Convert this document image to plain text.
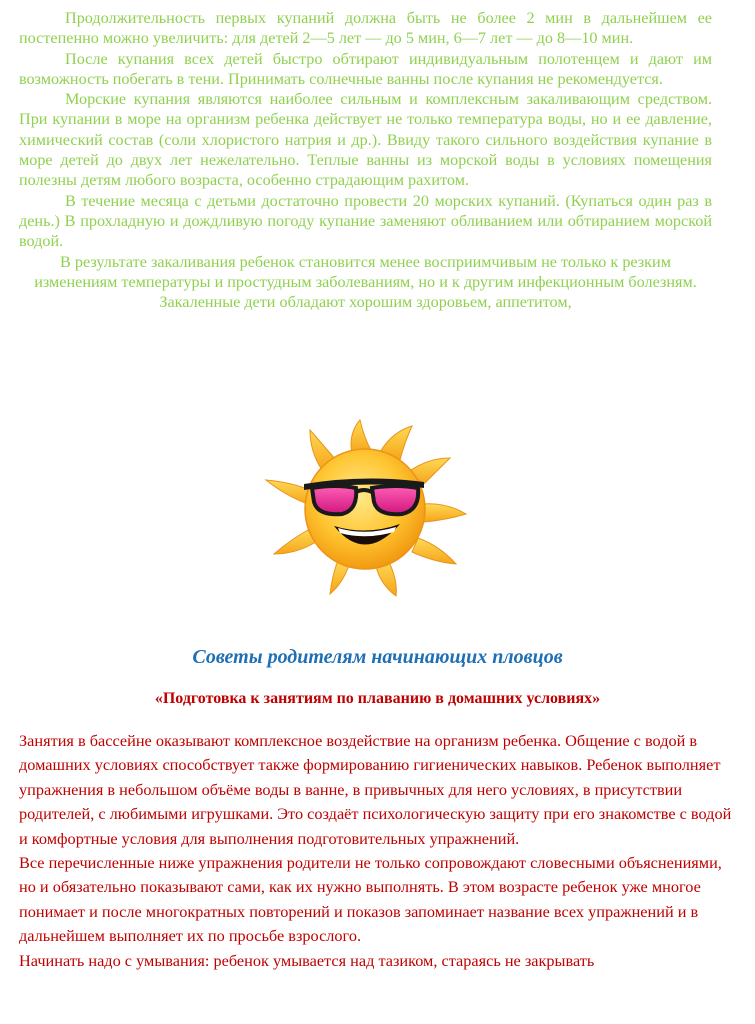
Продолжительность первых купаний должна быть не более 2 мин в дальнейшем ее постепенно можно увеличить: для детей 2—5 лет — до 5 мин, 6—7 лет — до 8—10 мин.

После купания всех детей быстро обтирают индивидуальным полотенцем и дают им возможность побегать в тени. Принимать солнечные ванны после купания не рекомендуется.

Морские купания являются наиболее сильным и комплексным закаливающим средством. При купании в море на организм ребенка действует не только температура воды, но и ее давление, химический состав (соли хлористого натрия и др.). Ввиду такого сильного воздействия купание в море детей до двух лет нежелательно. Теплые ванны из морской воды в условиях помещения полезны детям любого возраста, особенно страдающим рахитом.

В течение месяца с детьми достаточно провести 20 морских купаний. (Купаться один раз в день.) В прохладную и дождливую погоду купание заменяют обливанием или обтиранием морской водой.

В результате закаливания ребенок становится менее восприимчивым не только к резким изменениям температуры и простудным заболеваниям, но и к другим инфекционным болезням. Закаленные дети обладают хорошим здоровьем, аппетитом,

Советы родителям начинающих пловцов

«Подготовка к занятиям по плаванию в домашних условиях»

Занятия в бассейне оказывают комплексное воздействие на организм ребенка. Общение с водой в домашних условиях способствует также формированию гигиенических навыков. Ребенок выполняет упражнения в небольшом объёме воды в ванне, в привычных для него условиях, в присутствии родителей, с любимыми игрушками. Это создаёт психологическую защиту при его знакомстве с водой и комфортные условия для выполнения подготовительных упражнений.

Все перечисленные ниже упражнения родители не только сопровождают словесными объяснениями, но и обязательно показывают сами, как их нужно выполнять. В этом возрасте ребенок уже многое понимает и после многократных повторений и показов запоминает название всех упражнений и в дальнейшем выполняет их по просьбе взрослого.

Начинать надо с умывания: ребенок умывается над тазиком, стараясь не закрывать
